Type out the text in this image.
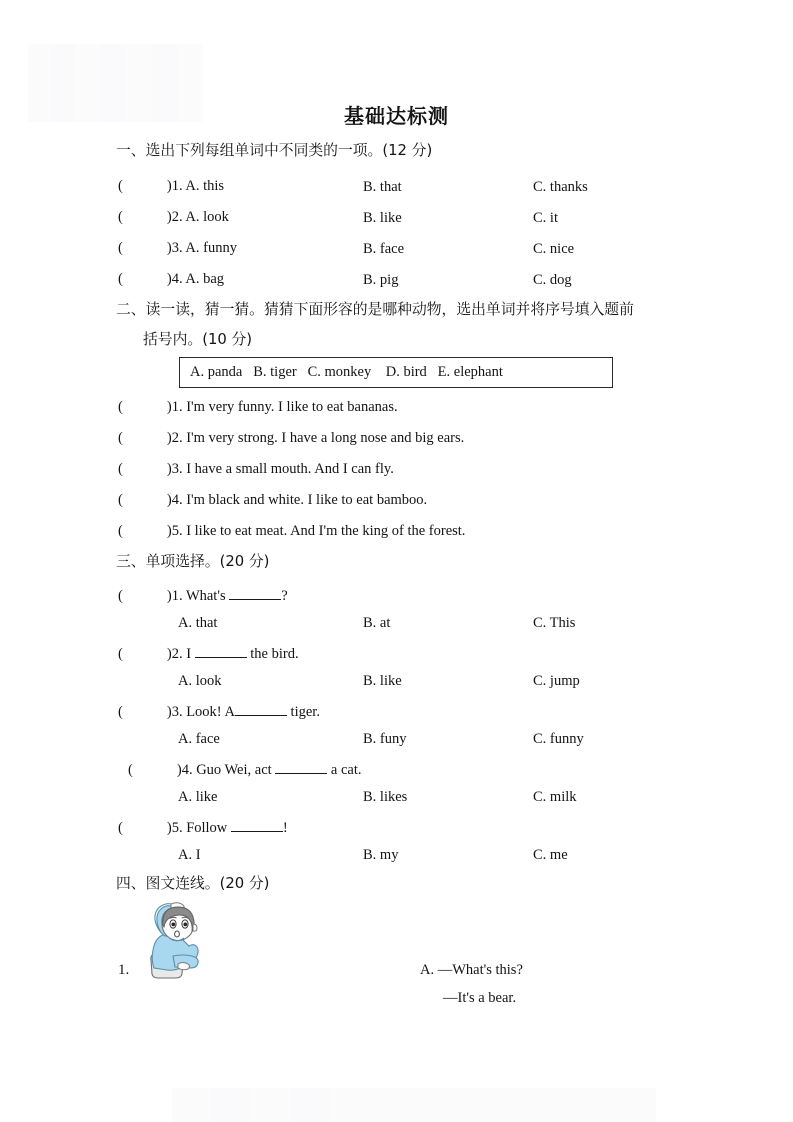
基础达标测
一、选出下列每组单词中不同类的一项。(12 分)
(	)1. A. this	B. that	C. thanks
(	)2. A. look	B. like	C. it
(	)3. A. funny	B. face	C. nice
(	)4. A. bag	B. pig	C. dog
二、读一读，猜一猜。猜猜下面形容的是哪种动物，选出单词并将序号填入题前
括号内。(10 分)
A. panda   B. tiger   C. monkey    D. bird   E. elephant
(	)1. I'm very funny. I like to eat bananas.
(	)2. I'm very strong. I have a long nose and big ears.
(	)3. I have a small mouth. And I can fly.
(	)4. I'm black and white. I like to eat bamboo.
(	)5. I like to eat meat. And I'm the king of the forest.
三、单项选择。(20 分)
(	)1. What's	?
A. that	B. at	C. This
(	)2. I	the bird.
A. look	B. like	C. jump
(	)3. Look! A	tiger.
A. face	B. funy	C. funny
(	)4. Guo Wei, act	a cat.
A. like	B. likes	C. milk
(	)5. Follow	!
A. I	B. my	C. me
四、图文连线。(20 分)
1.	A. —What's this?
—It's a bear.
